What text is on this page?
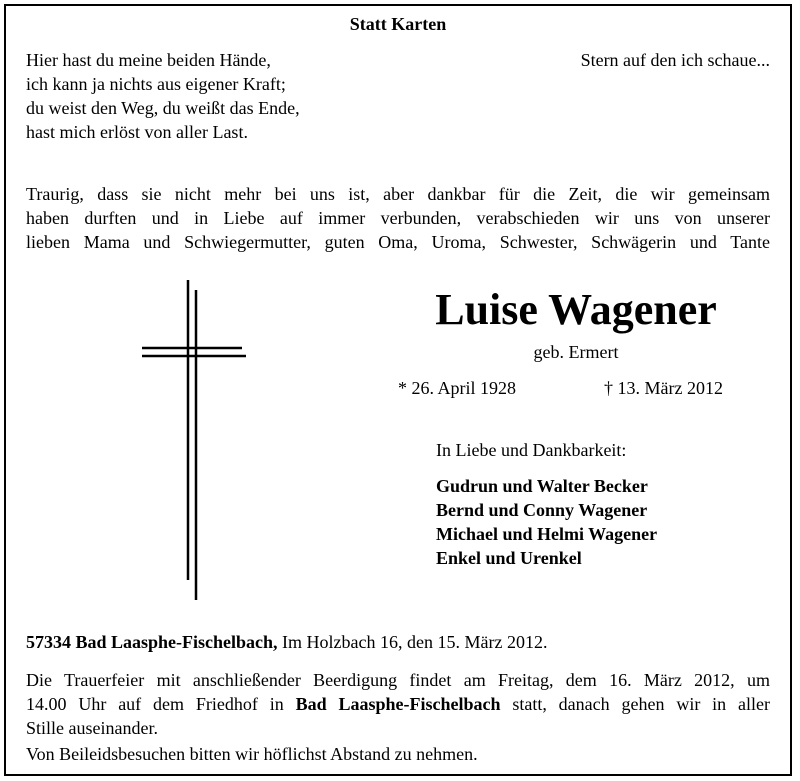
Statt Karten
Hier hast du meine beiden Hände,
ich kann ja nichts aus eigener Kraft;
du weist den Weg, du weißt das Ende,
hast mich erlöst von aller Last.
Stern auf den ich schaue...
Traurig, dass sie nicht mehr bei uns ist, aber dankbar für die Zeit, die wir gemeinsam
haben durften und in Liebe auf immer verbunden, verabschieden wir uns von unserer
lieben Mama und Schwiegermutter, guten Oma, Uroma, Schwester, Schwägerin und Tante
Luise Wagener
geb. Ermert
* 26. April 1928	† 13. März 2012
In Liebe und Dankbarkeit:
Gudrun und Walter Becker
Bernd und Conny Wagener
Michael und Helmi Wagener
Enkel und Urenkel
57334 Bad Laasphe-Fischelbach, Im Holzbach 16, den 15. März 2012.
Die Trauerfeier mit anschließender Beerdigung findet am Freitag, dem 16. März 2012, um
14.00 Uhr auf dem Friedhof in Bad Laasphe-Fischelbach statt, danach gehen wir in aller
Stille auseinander.
Von Beileidsbesuchen bitten wir höflichst Abstand zu nehmen.
